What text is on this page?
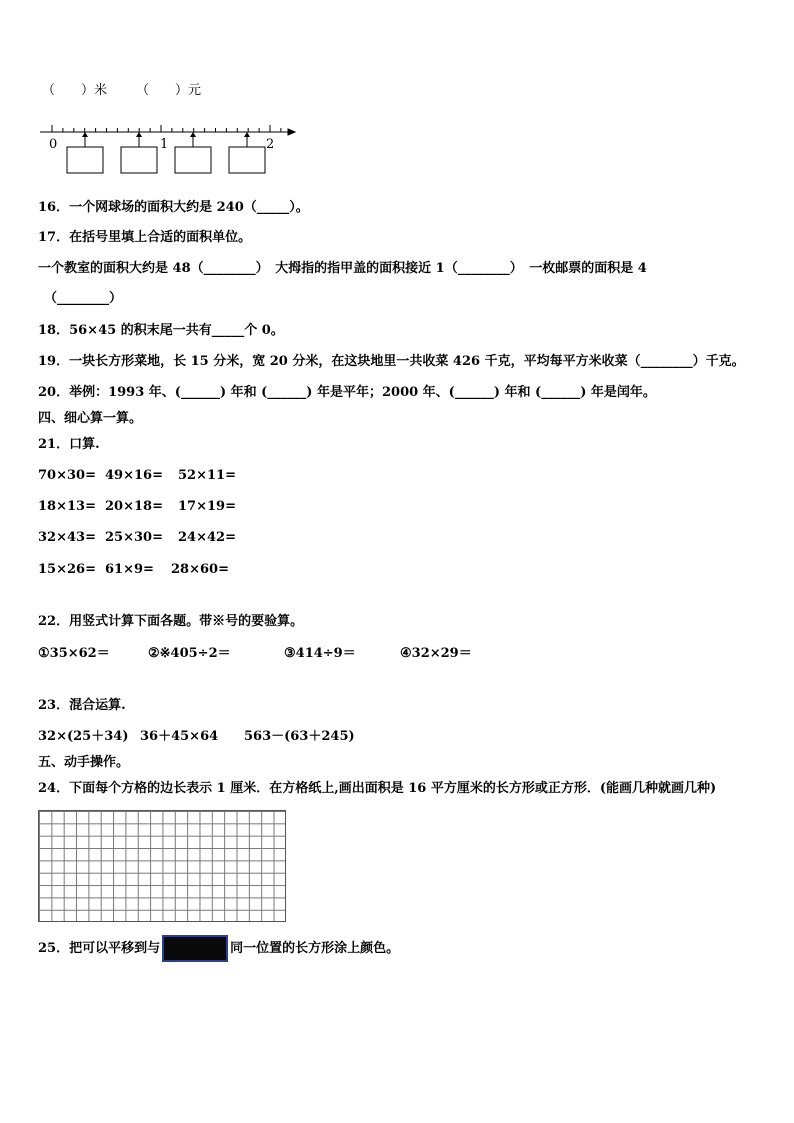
（　　）米 （　　）元
0	1	2
16．一个网球场的面积大约是 240（_____）。
17．在括号里填上合适的面积单位。
一个教室的面积大约是 48（________）　大拇指的指甲盖的面积接近 1（________）　一枚邮票的面积是 4
（________）
18．56×45 的积末尾一共有_____个 0。
19．一块长方形菜地，长 15 分米，宽 20 分米，在这块地里一共收菜 426 千克，平均每平方米收菜（________）千克。
20．举例：1993 年、(______) 年和 (______) 年是平年；2000 年、(______) 年和 (______) 年是闰年。
四、细心算一算。
21．口算.
70×30= 49×16= 52×11=
18×13= 20×18= 17×19=
32×43= 25×30= 24×42=
15×26= 61×9= 28×60=
22．用竖式计算下面各题。带※号的要验算。
①35×62＝	②※405÷2＝	③414÷9＝	④32×29＝
23．混合运算.
32×(25＋34) 36＋45×64 563－(63＋245)
五、动手操作。
24．下面每个方格的边长表示 1 厘米．在方格纸上,画出面积是 16 平方厘米的长方形或正方形．(能画几种就画几种)
25．把可以平移到与	同一位置的长方形涂上颜色。
